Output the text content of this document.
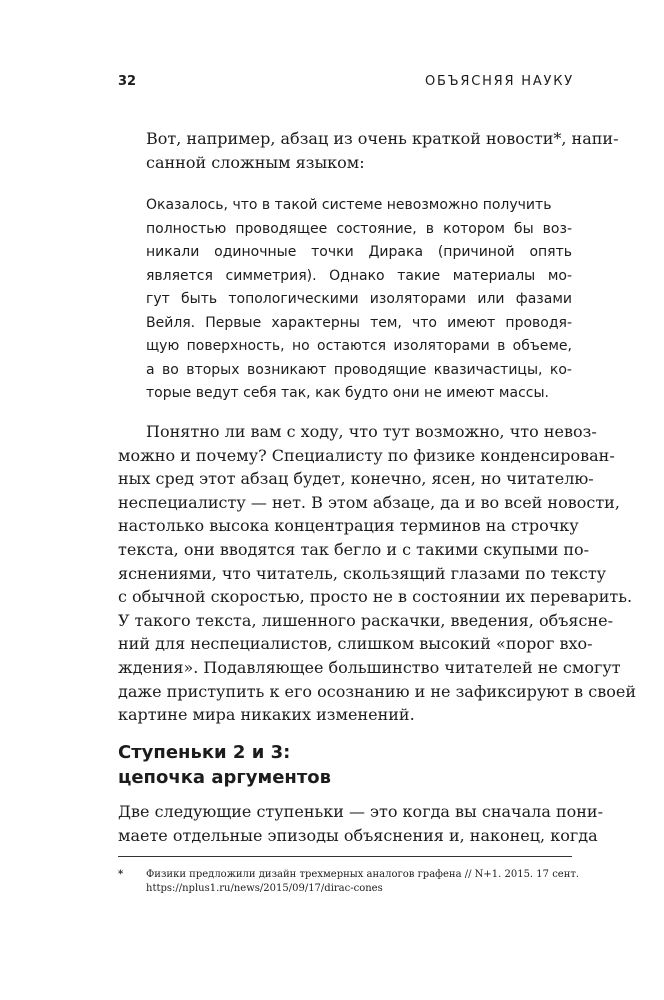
32	ОБЪЯСНЯЯ НАУКУ
Вот, например, абзац из очень краткой новости*, напи-
санной сложным языком:
Оказалось, что в такой системе невозможно получить
полностью проводящее состояние, в котором бы воз-
никали одиночные точки Дирака (причиной опять
является симметрия). Однако такие материалы мо-
гут быть топологическими изоляторами или фазами
Вейля. Первые характерны тем, что имеют проводя-
щую поверхность, но остаются изоляторами в объеме,
а во вторых возникают проводящие квазичастицы, ко-
торые ведут себя так, как будто они не имеют массы.
Понятно ли вам с ходу, что тут возможно, что невоз-
можно и почему? Специалисту по физике конденсирован-
ных сред этот абзац будет, конечно, ясен, но читателю-
неспециалисту — нет. В этом абзаце, да и во всей новости,
настолько высока концентрация терминов на строчку
текста, они вводятся так бегло и с такими скупыми по-
яснениями, что читатель, скользящий глазами по тексту
с обычной скоростью, просто не в состоянии их переварить.
У такого текста, лишенного раскачки, введения, объясне-
ний для неспециалистов, слишком высокий «порог вхо-
ждения». Подавляющее большинство читателей не смогут
даже приступить к его осознанию и не зафиксируют в своей
картине мира никаких изменений.
Ступеньки 2 и 3:
цепочка аргументов
Две следующие ступеньки — это когда вы сначала пони-
маете отдельные эпизоды объяснения и, наконец, когда
* Физики предложили дизайн трехмерных аналогов графена // N+1. 2015. 17 сент.
https://nplus1.ru/news/2015/09/17/dirac-cones
